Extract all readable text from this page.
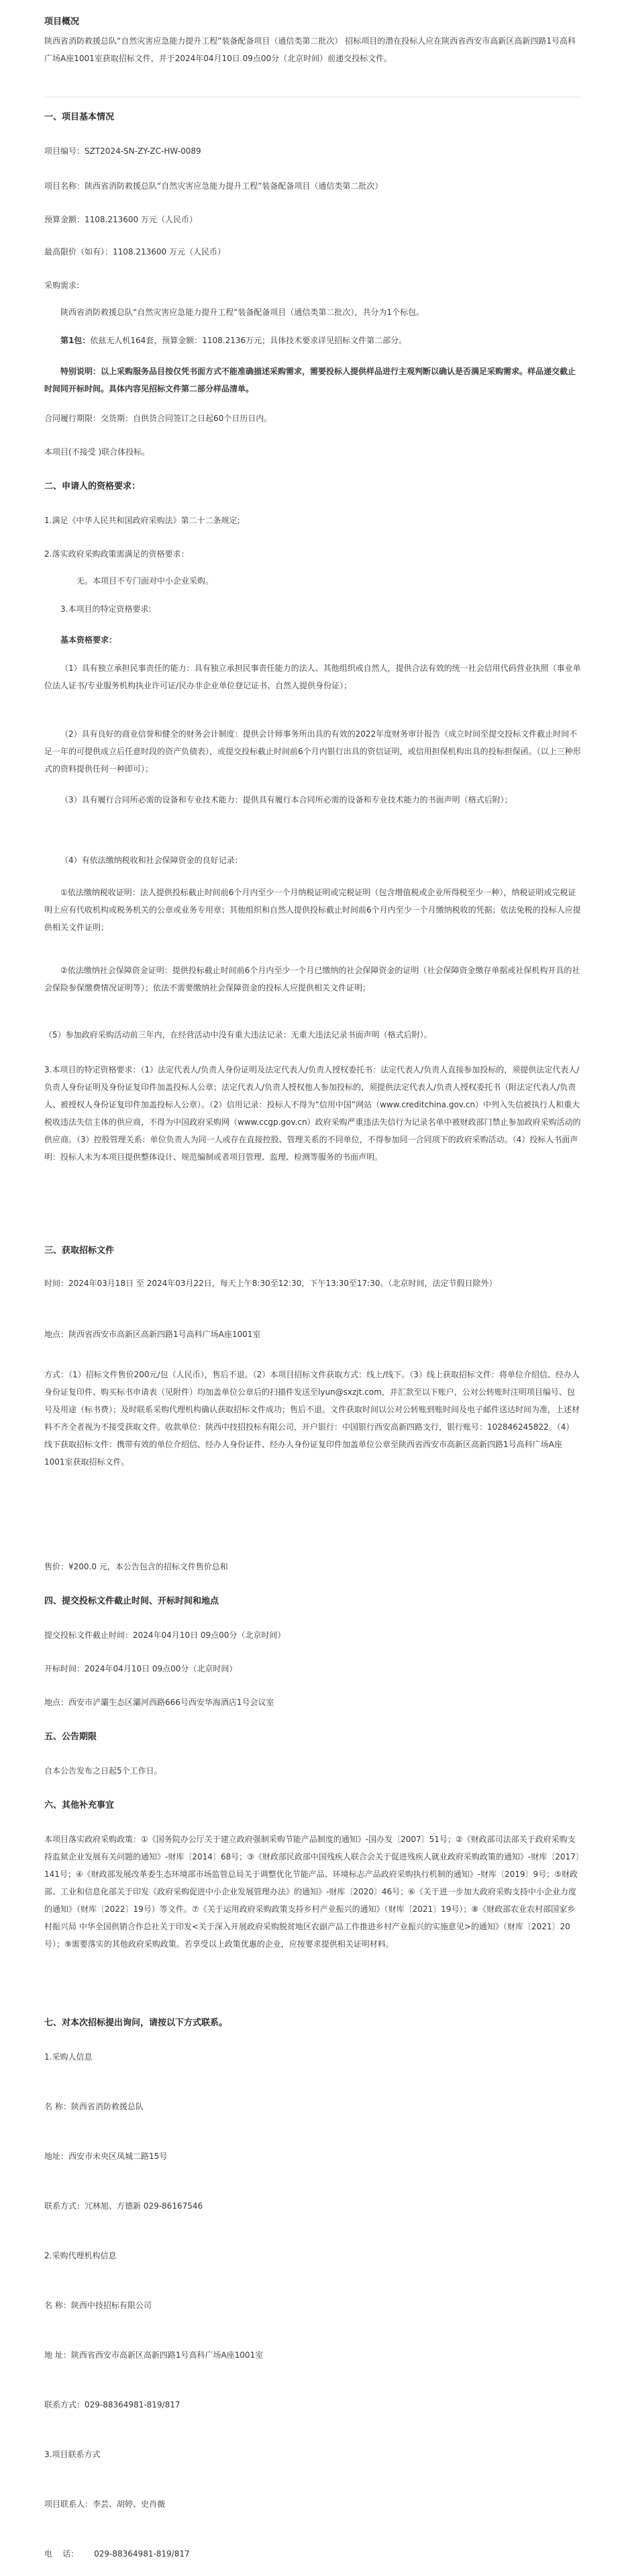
项目概况

陕西省消防救援总队“自然灾害应急能力提升工程”装备配备项目（通信类第二批次） 招标项目的潜在投标人应在陕西省西安市高新区高新四路1号高科广场A座1001室获取招标文件，并于2024年04月10日 09点00分（北京时间）前递交投标文件。

一、项目基本情况

项目编号：SZT2024-SN-ZY-ZC-HW-0089

项目名称：陕西省消防救援总队“自然灾害应急能力提升工程”装备配备项目（通信类第二批次）

预算金额：1108.213600 万元（人民币）

最高限价（如有）：1108.213600 万元（人民币）

采购需求:

陕西省消防救援总队“自然灾害应急能力提升工程”装备配备项目（通信类第二批次），共分为1个标包。

第1包：依兹无人机164套，预算金额：1108.2136万元；具体技术要求详见招标文件第二部分。

特别说明：以上采购服务品目按仅凭书面方式不能准确描述采购需求，需要投标人提供样品进行主观判断以确认是否满足采购需求。样品递交截止时间同开标时间。具体内容见招标文件第二部分样品清单。

合同履行期限：交货期：自供货合同签订之日起60个日历日内。

本项目(不接受 )联合体投标。

二、申请人的资格要求：

1.满足《中华人民共和国政府采购法》第二十二条规定;

2.落实政府采购政策需满足的资格要求：

无。本项目不专门面对中小企业采购。

3.本项目的特定资格要求:

基本资格要求：

（1）具有独立承担民事责任的能力：具有独立承担民事责任能力的法人、其他组织或自然人，提供合法有效的统一社会信用代码营业执照（事业单位法人证书/专业服务机构执业许可证/民办非企业单位登记证书、自然人提供身份证）；

（2）具有良好的商业信誉和健全的财务会计制度：提供会计师事务所出具的有效的2022年度财务审计报告（成立时间至提交投标文件截止时间不足一年的可提供成立后任意时段的资产负债表），或提交投标截止时间前6个月内银行出具的资信证明，或信用担保机构出具的投标担保函。（以上三种形式的资料提供任何一种即可）；

（3）具有履行合同所必需的设备和专业技术能力：提供具有履行本合同所必需的设备和专业技术能力的书面声明（格式后附）；

（4）有依法缴纳税收和社会保障资金的良好记录：

①依法缴纳税收证明：法人提供投标截止时间前6个月内至少一个月纳税证明或完税证明（包含增值税或企业所得税至少一种），纳税证明或完税证明上应有代收机构或税务机关的公章或业务专用章；其他组织和自然人提供投标截止时间前6个月内至少一个月缴纳税收的凭据；依法免税的投标人应提供相关文件证明；

②依法缴纳社会保障资金证明：提供投标截止时间前6个月内至少一个月已缴纳的社会保障资金的证明（社会保障资金缴存单据或社保机构开具的社会保险参保缴费情况证明等）；依法不需要缴纳社会保障资金的投标人应提供相关文件证明；

（5）参加政府采购活动前三年内，在经营活动中没有重大违法记录：无重大违法记录书面声明（格式后附）。

3.本项目的特定资格要求：（1）法定代表人/负责人身份证明及法定代表人/负责人授权委托书：法定代表人/负责人直接参加投标的，须提供法定代表人/负责人身份证明及身份证复印件加盖投标人公章；法定代表人/负责人授权他人参加投标的，须提供法定代表人/负责人授权委托书（附法定代表人/负责人、被授权人身份证复印件加盖投标人公章）。（2）信用记录：投标人不得为“信用中国”网站（www.creditchina.gov.cn）中列入失信被执行人和重大税收违法失信主体的供应商，不得为中国政府采购网（www.ccgp.gov.cn）政府采购严重违法失信行为记录名单中被财政部门禁止参加政府采购活动的供应商。（3）控股管理关系：单位负责人为同一人或存在直接控股、管理关系的不同单位，不得参加同一合同项下的政府采购活动。（4）投标人书面声明：投标人未为本项目提供整体设计、规范编制或者项目管理、监理、检测等服务的书面声明。

三、获取招标文件

时间：2024年03月18日 至 2024年03月22日，每天上午8:30至12:30，下午13:30至17:30。（北京时间，法定节假日除外）

地点：陕西省西安市高新区高新四路1号高科广场A座1001室

方式：（1）招标文件售价200元/包（人民币），售后不退。（2）本项目招标文件获取方式：线上/线下。（3）线上获取招标文件：将单位介绍信、经办人身份证复印件、购买标书申请表（见附件）均加盖单位公章后的扫描件发送至lyun@sxzjt.com，并汇款至以下账户，公对公转账时注明项目编号、包号及用途（标书费）；及时联系采购代理机构确认获取招标文件成功；售后不退。文件获取时间以公对公转账到账时间及电子邮件送达时间为准，上述材料不齐全者视为不接受获取文件。收款单位：陕西中技招投标有限公司，开户银行：中国银行西安高新四路支行，银行账号：102846245822。（4）线下获取招标文件：携带有效的单位介绍信、经办人身份证件、经办人身份证复印件加盖单位公章至陕西省西安市高新区高新四路1号高科广场A座1001室获取招标文件。

售价：¥200.0 元，本公告包含的招标文件售价总和

四、提交投标文件截止时间、开标时间和地点

提交投标文件截止时间：2024年04月10日 09点00分（北京时间）

开标时间：2024年04月10日 09点00分（北京时间）

地点：西安市浐灞生态区灞河西路666号西安华海酒店1号会议室

五、公告期限

自本公告发布之日起5个工作日。

六、其他补充事宜

本项目落实政府采购政策：①《国务院办公厅关于建立政府强制采购节能产品制度的通知》-国办发〔2007〕51号；②《财政部司法部关于政府采购支持监狱企业发展有关问题的通知》-财库〔2014〕68号；③《财政部民政部中国残疾人联合会关于促进残疾人就业政府采购政策的通知》-财库〔2017〕141号；④《财政部发展改革委生态环境部市场监管总局关于调整优化节能产品、环境标志产品政府采购执行机制的通知》-财库〔2019〕9号；⑤财政部、工业和信息化部关于印发《政府采购促进中小企业发展管理办法》的通知》-财库〔2020〕46号；⑥《关于进一步加大政府采购支持中小企业力度的通知》（财库〔2022〕19号）等文件。⑦《关于运用政府采购政策支持乡村产业振兴的通知》（财库〔2021〕19号）；⑧《财政部农业农村部国家乡村振兴局 中华全国供销合作总社关于印发<关于深入开展政府采购脱贫地区农副产品工作推进乡村产业振兴的实施意见>的通知》（财库〔2021〕20号）；⑨需要落实的其他政府采购政策。若享受以上政策优惠的企业，应按要求提供相关证明材料。

七、对本次招标提出询问，请按以下方式联系。

1.采购人信息

名 称：陕西省消防救援总队

地址：西安市未央区凤城二路15号

联系方式：冗林旭、方德新 029-86167546

2.采购代理机构信息

名 称：陕西中技招标有限公司

地 址：陕西省西安市高新区高新四路1号高科广场A座1001室

联系方式：029-88364981-819/817

3.项目联系方式

项目联系人：李芸、胡婷、史肖薇

电    话：      029-88364981-819/817
